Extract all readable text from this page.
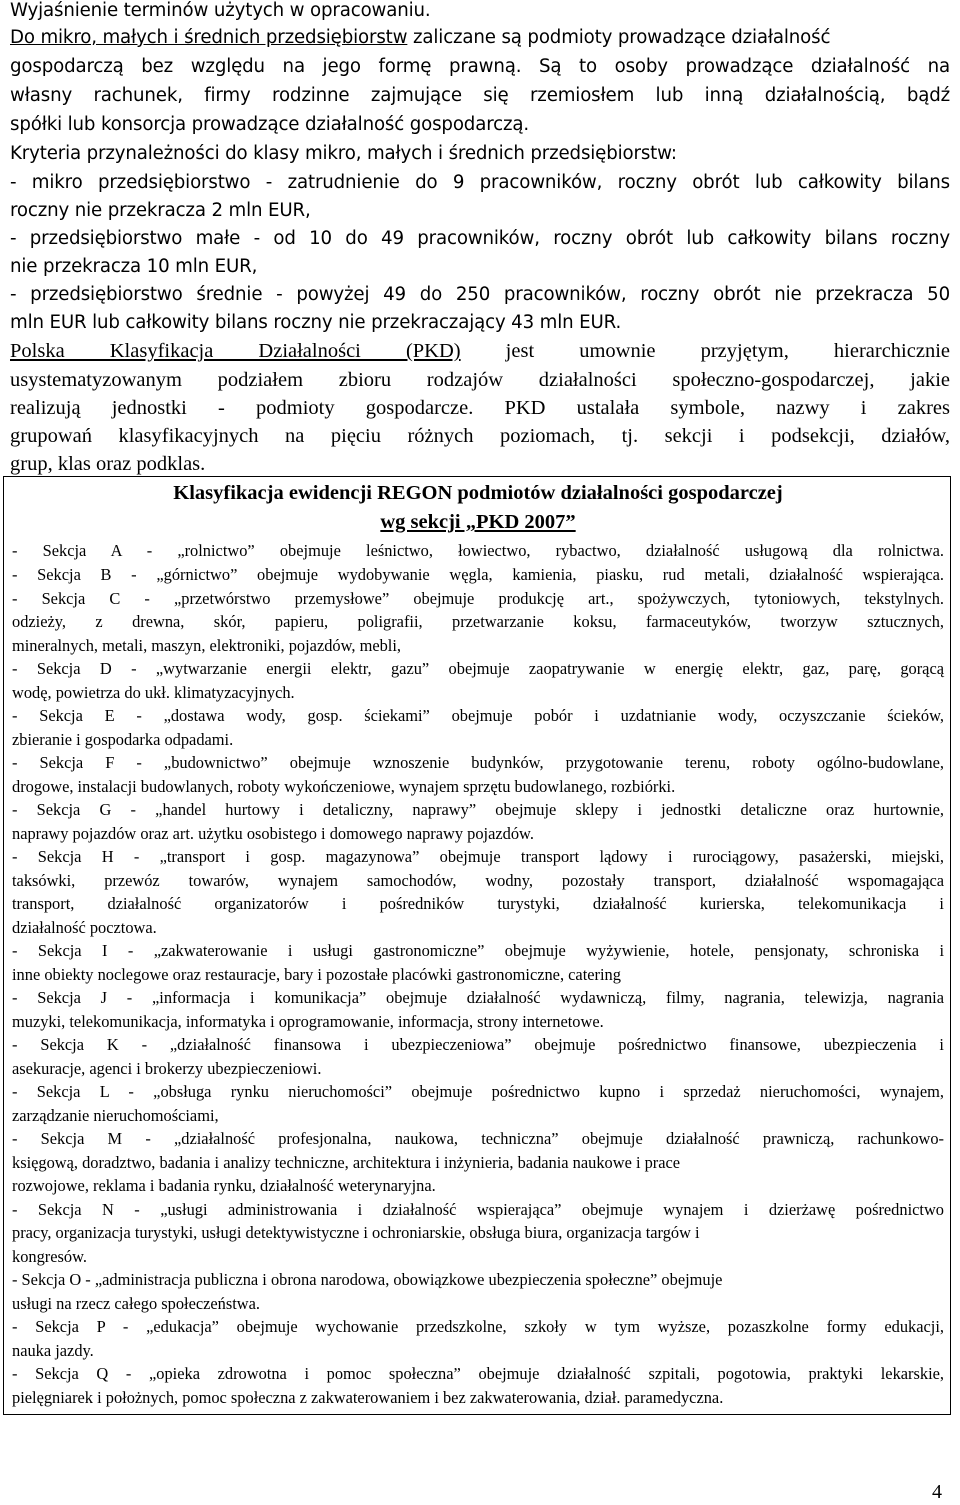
Wyjaśnienie terminów użytych w opracowaniu.
Do mikro, małych i średnich przedsiębiorstw zaliczane są podmioty prowadzące działalność
gospodarczą bez względu na jego formę prawną. Są to osoby prowadzące działalność na
własny rachunek, firmy rodzinne zajmujące się rzemiosłem lub inną działalnością, bądź
spółki lub konsorcja prowadzące działalność gospodarczą.
Kryteria przynależności do klasy mikro, małych i średnich przedsiębiorstw:
- mikro przedsiębiorstwo - zatrudnienie do 9 pracowników, roczny obrót lub całkowity bilans
roczny nie przekracza 2 mln EUR,
- przedsiębiorstwo małe - od 10 do 49 pracowników, roczny obrót lub całkowity bilans roczny
nie przekracza 10 mln EUR,
- przedsiębiorstwo średnie - powyżej 49 do 250 pracowników, roczny obrót nie przekracza 50
mln EUR lub całkowity bilans roczny nie przekraczający 43 mln EUR.
Polska Klasyfikacja Działalności (PKD) jest umownie przyjętym, hierarchicznie
usystematyzowanym podziałem zbioru rodzajów działalności społeczno-gospodarczej, jakie
realizują jednostki - podmioty gospodarcze. PKD ustalała symbole, nazwy i zakres
grupowań klasyfikacyjnych na pięciu różnych poziomach, tj. sekcji i podsekcji, działów,
grup, klas oraz podklas.
Klasyfikacja ewidencji REGON podmiotów działalności gospodarczej
wg sekcji „PKD 2007”
- Sekcja A - „rolnictwo” obejmuje leśnictwo, łowiectwo, rybactwo, działalność usługową dla rolnictwa.
- Sekcja B - „górnictwo” obejmuje wydobywanie węgla, kamienia, piasku, rud metali, działalność wspierająca.
- Sekcja C - „przetwórstwo przemysłowe” obejmuje produkcję art., spożywczych, tytoniowych, tekstylnych.
odzieży, z drewna, skór, papieru, poligrafii, przetwarzanie koksu, farmaceutyków, tworzyw sztucznych,
mineralnych, metali, maszyn, elektroniki, pojazdów, mebli,
- Sekcja D - „wytwarzanie energii elektr, gazu” obejmuje zaopatrywanie w energię elektr, gaz, parę, gorącą
wodę, powietrza do ukł. klimatyzacyjnych.
- Sekcja E - „dostawa wody, gosp. ściekami” obejmuje pobór i uzdatnianie wody, oczyszczanie ścieków,
zbieranie i gospodarka odpadami.
- Sekcja F - „budownictwo” obejmuje wznoszenie budynków, przygotowanie terenu, roboty ogólno-budowlane,
drogowe, instalacji budowlanych, roboty wykończeniowe, wynajem sprzętu budowlanego, rozbiórki.
- Sekcja G - „handel hurtowy i detaliczny, naprawy” obejmuje sklepy i jednostki detaliczne oraz hurtownie,
naprawy pojazdów oraz art. użytku osobistego i domowego naprawy pojazdów.
- Sekcja H - „transport i gosp. magazynowa” obejmuje transport lądowy i rurociągowy, pasażerski, miejski,
taksówki, przewóz towarów, wynajem samochodów, wodny, pozostały transport, działalność wspomagająca
transport, działalność organizatorów i pośredników turystyki, działalność kurierska, telekomunikacja i
działalność pocztowa.
- Sekcja I - „zakwaterowanie i usługi gastronomiczne” obejmuje wyżywienie, hotele, pensjonaty, schroniska i
inne obiekty noclegowe oraz restauracje, bary i pozostałe placówki gastronomiczne, catering
- Sekcja J - „informacja i komunikacja” obejmuje działalność wydawniczą, filmy, nagrania, telewizja, nagrania
muzyki, telekomunikacja, informatyka i oprogramowanie, informacja, strony internetowe.
- Sekcja K - „działalność finansowa i ubezpieczeniowa” obejmuje pośrednictwo finansowe, ubezpieczenia i
asekuracje, agenci i brokerzy ubezpieczeniowi.
- Sekcja L - „obsługa rynku nieruchomości” obejmuje pośrednictwo kupno i sprzedaż nieruchomości, wynajem,
zarządzanie nieruchomościami,
- Sekcja M - „działalność profesjonalna, naukowa, techniczna” obejmuje działalność prawniczą, rachunkowo-
księgową, doradztwo, badania i analizy techniczne, architektura i inżynieria, badania naukowe i prace
rozwojowe, reklama i badania rynku, działalność weterynaryjna.
- Sekcja N - „usługi administrowania i działalność wspierająca” obejmuje wynajem i dzierżawę pośrednictwo
pracy, organizacja turystyki, usługi detektywistyczne i ochroniarskie, obsługa biura, organizacja targów i
kongresów.
- Sekcja O - „administracja publiczna i obrona narodowa, obowiązkowe ubezpieczenia społeczne” obejmuje
usługi na rzecz całego społeczeństwa.
- Sekcja P - „edukacja” obejmuje wychowanie przedszkolne, szkoły w tym wyższe, pozaszkolne formy edukacji,
nauka jazdy.
- Sekcja Q - „opieka zdrowotna i pomoc społeczna” obejmuje działalność szpitali, pogotowia, praktyki lekarskie,
pielęgniarek i położnych, pomoc społeczna z zakwaterowaniem i bez zakwaterowania, dział. paramedyczna.
4
